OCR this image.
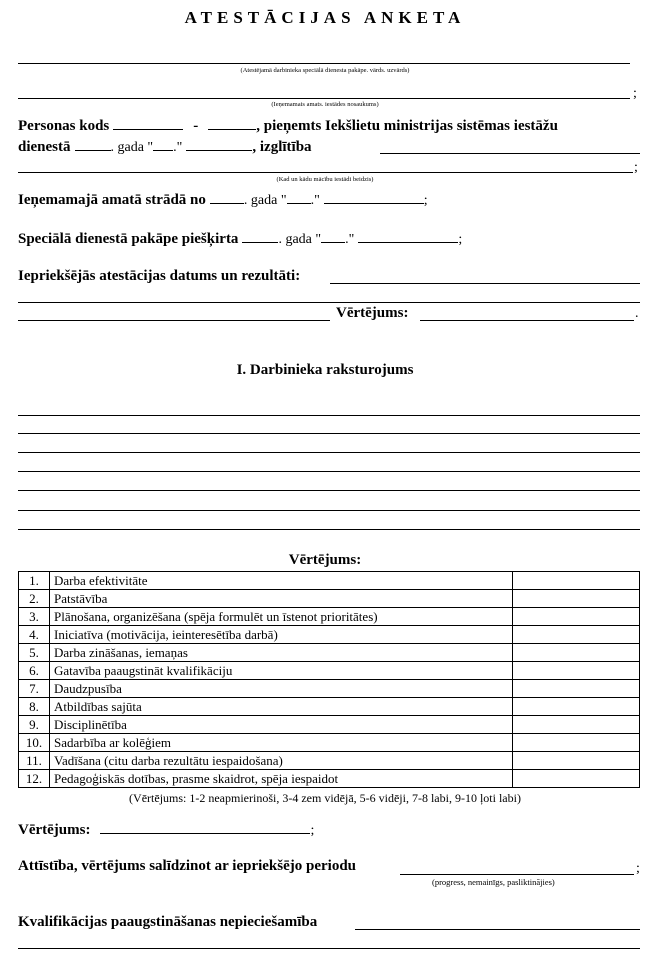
ATESTĀCIJAS ANKETA
(Atestējamā darbinieka speciālā dienesta pakāpe. vārds. uzvārds)
;
(Ieņemamais amats. iestādes nosaukums)
Personas kods	-	, pieņemts Iekšlietu ministrijas sistēmas iestāžu
dienestā	. gada " ."	, izglītība
;
(Kad un kādu mācību iestādi beidzis)
Ieņemamajā amatā strādā no	. gada " ."	;
Speciālā dienestā pakāpe piešķirta	. gada " ."	;
Iepriekšējās atestācijas datums un rezultāti:
Vērtējums:	.
I. Darbinieka raksturojums
Vērtējums:
1.	Darba efektivitāte	
2.	Patstāvība	
3.	Plānošana, organizēšana (spēja formulēt un īstenot prioritātes)	
4.	Iniciatīva (motivācija, ieinteresētība darbā)	
5.	Darba zināšanas, iemaņas	
6.	Gatavība paaugstināt kvalifikāciju	
7.	Daudzpusība	
8.	Atbildības sajūta	
9.	Disciplinētība	
10.	Sadarbība ar kolēģiem	
11.	Vadīšana (citu darba rezultātu iespaidošana)	
12.	Pedagoģiskās dotības, prasme skaidrot, spēja iespaidot	
(Vērtējums: 1-2 neapmierinoši, 3-4 zem vidējā, 5-6 vidēji, 7-8 labi, 9-10 ļoti labi)
Vērtējums:	;
Attīstība, vērtējums salīdzinot ar iepriekšējo periodu	;
(progress, nemainīgs, pasliktinājies)
Kvalifikācijas paaugstināšanas nepieciešamība
